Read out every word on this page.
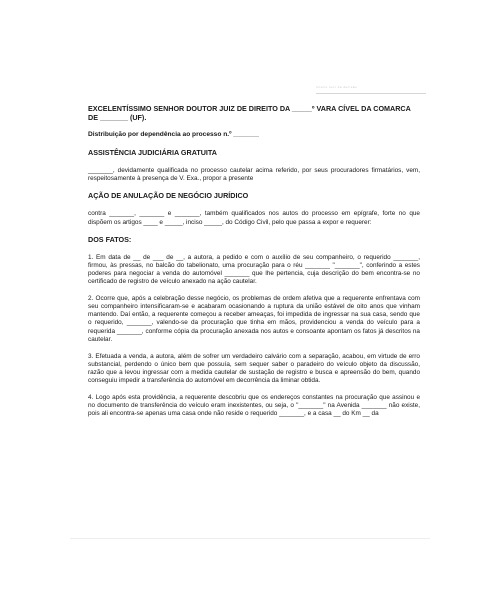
Inteiro teor da decisão

EXCELENTÍSSIMO SENHOR DOUTOR JUIZ DE DIREITO DA _____º VARA CÍVEL DA COMARCA DE _______ (UF).

Distribuição por dependência ao processo n.º _______

ASSISTÊNCIA JUDICIÁRIA GRATUITA

_______, devidamente qualificada no processo cautelar acima referido, por seus procuradores firmatários, vem, respeitosamente à presença de V. Exa., propor a presente

AÇÃO DE ANULAÇÃO DE NEGÓCIO JURÍDICO

contra _______, _______ e _______, também qualificados nos autos do processo em epígrafe, forte no que dispõem os artigos ____ e _____, inciso _____, do Código Civil, pelo que passa a expor e requerer:

DOS FATOS:

1. Em data de __ de ___ de __, a autora, a pedido e com o auxílio de seu companheiro, o requerido _______, firmou, às pressas, no balcão do tabelionato, uma procuração para o réu _______ "_______", conferindo a estes poderes para negociar a venda do automóvel _______ que lhe pertencia, cuja descrição do bem encontra-se no certificado de registro de veículo anexado na ação cautelar.

2. Ocorre que, após a celebração desse negócio, os problemas de ordem afetiva que a requerente enfrentava com seu companheiro intensificaram-se e acabaram ocasionando a ruptura da união estável de oito anos que vinham mantendo. Daí então, a requerente começou a receber ameaças, foi impedida de ingressar na sua casa, sendo que o requerido, _______, valendo-se da procuração que tinha em mãos, providenciou a venda do veículo para a requerida _______, conforme cópia da procuração anexada nos autos e consoante apontam os fatos já descritos na cautelar.

3. Efetuada a venda, a autora, além de sofrer um verdadeiro calvário com a separação, acabou, em virtude de erro substancial, perdendo o único bem que possuía, sem sequer saber o paradeiro do veículo objeto da discussão, razão que a levou ingressar com a medida cautelar de sustação de registro e busca e apreensão do bem, quando conseguiu impedir a transferência do automóvel em decorrência da liminar obtida.

4. Logo após esta providência, a requerente descobriu que os endereços constantes na procuração que assinou e no documento de transferência do veículo eram inexistentes, ou seja, o "_______" na Avenida _______ não existe, pois ali encontra-se apenas uma casa onde não reside o requerido _______, e a casa __ do Km __ da
